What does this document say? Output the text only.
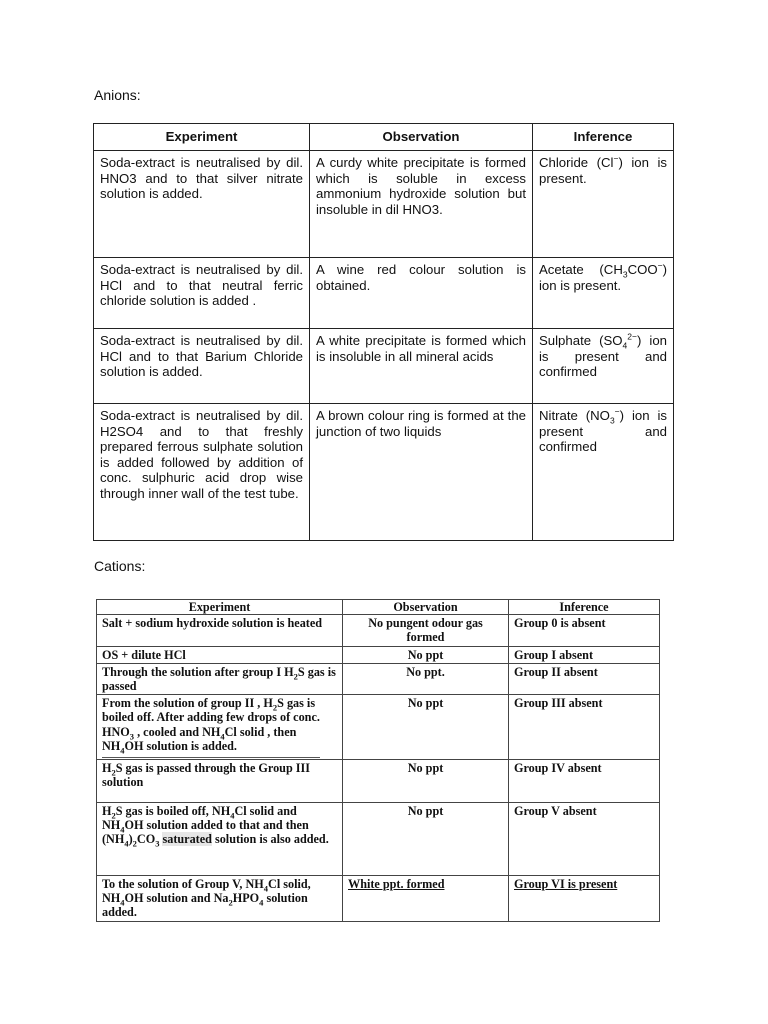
Anions:
Experiment	Observation	Inference
Soda-extract is neutralised by dil. HNO3 and to that silver nitrate solution is added.	A curdy white precipitate is formed which is soluble in excess ammonium hydroxide solution but insoluble in dil HNO3.	Chloride (Cl−) ion is present.
Soda-extract is neutralised by dil. HCl and to that neutral ferric chloride solution is added .	A wine red colour solution is obtained.	Acetate $(CH_3COO^-)$ ion is present.
Soda-extract is neutralised by dil. HCl and to that Barium Chloride solution is added.	A white precipitate is formed which is insoluble in all mineral acids	Sulphate $(SO_4^{2-})$ ion is present and confirmed
Soda-extract is neutralised by dil. H2SO4 and to that freshly prepared ferrous sulphate solution is added followed by addition of conc. sulphuric acid drop wise through inner wall of the test tube.	A brown colour ring is formed at the junction of two liquids	Nitrate $(NO_3^-)$ ion is present and confirmed
Cations:
Experiment	Observation	Inference
Salt + sodium hydroxide solution is heated	No pungent odour gas formed	Group 0 is absent
OS + dilute HCl	No ppt	Group I absent
Through the solution after group I $H_2S$ gas is passed	No ppt.	Group II absent
From the solution of group II , $H_2S$ gas is boiled off. After adding few drops of conc. $HNO_3$ , cooled and $NH_4Cl$ solid , then $NH_4OH$ solution is added.	No ppt	Group III absent
$H_2S$ gas is passed through the Group III solution	No ppt	Group IV absent
$H_2S$ gas is boiled off, $NH_4Cl$ solid and $NH_4OH$ solution added to that and then $(NH_4)_2CO_3$ saturated solution is also added.	No ppt	Group V absent
To the solution of Group V, $NH_4Cl$ solid, $NH_4OH$ solution and $Na_2HPO_4$ solution added.	White ppt. formed	Group VI is present
